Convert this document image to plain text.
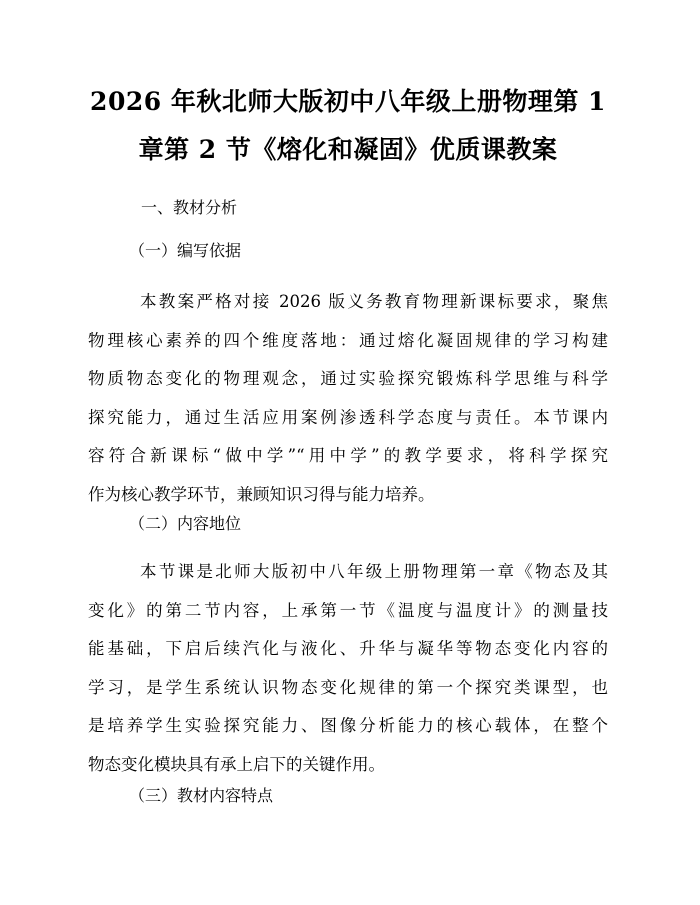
2026 年秋北师大版初中八年级上册物理第 1
章第 2 节《熔化和凝固》优质课教案
一、教材分析
（一）编写依据
本教案严格对接 2026 版义务教育物理新课标要求，聚焦
物理核心素养的四个维度落地：通过熔化凝固规律的学习构建
物质物态变化的物理观念，通过实验探究锻炼科学思维与科学
探究能力，通过生活应用案例渗透科学态度与责任。本节课内
容符合新课标“做中学”“用中学”的教学要求，将科学探究
作为核心教学环节，兼顾知识习得与能力培养。
（二）内容地位
本节课是北师大版初中八年级上册物理第一章《物态及其
变化》的第二节内容，上承第一节《温度与温度计》的测量技
能基础，下启后续汽化与液化、升华与凝华等物态变化内容的
学习，是学生系统认识物态变化规律的第一个探究类课型，也
是培养学生实验探究能力、图像分析能力的核心载体，在整个
物态变化模块具有承上启下的关键作用。
（三）教材内容特点
